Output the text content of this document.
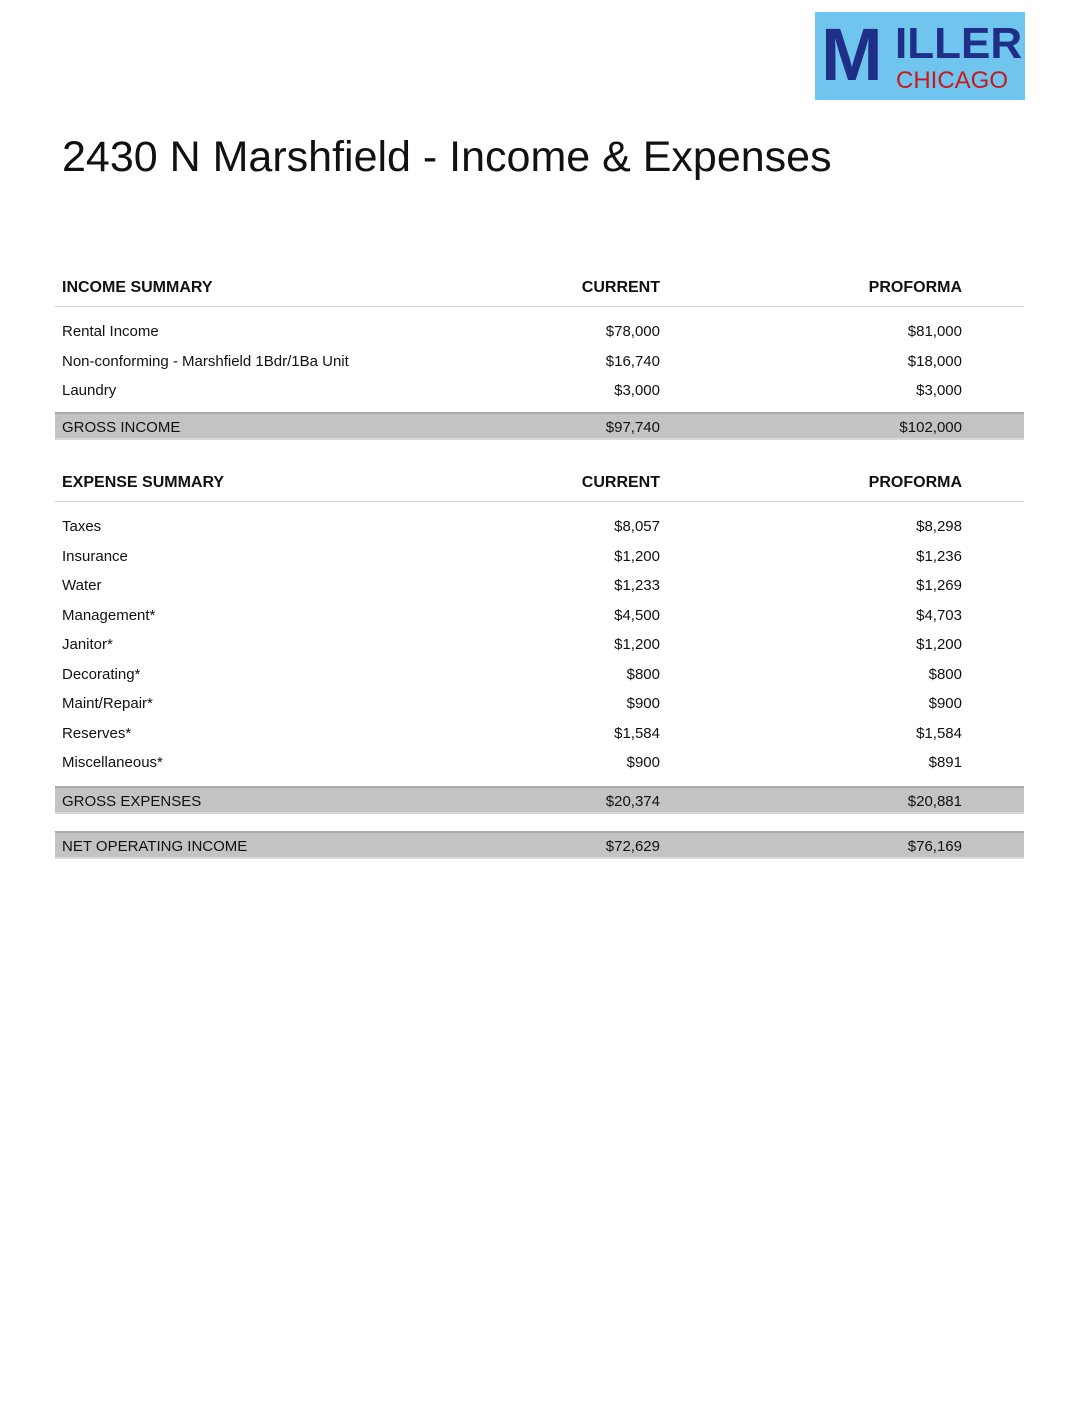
M ILLER
CHICAGO
2430 N Marshfield - Income & Expenses
INCOME SUMMARY	CURRENT	PROFORMA
Rental Income	$78,000	$81,000
Non-conforming - Marshfield 1Bdr/1Ba Unit	$16,740	$18,000
Laundry	$3,000	$3,000
GROSS INCOME	$97,740	$102,000
EXPENSE SUMMARY	CURRENT	PROFORMA
Taxes	$8,057	$8,298
Insurance	$1,200	$1,236
Water	$1,233	$1,269
Management*	$4,500	$4,703
Janitor*	$1,200	$1,200
Decorating*	$800	$800
Maint/Repair*	$900	$900
Reserves*	$1,584	$1,584
Miscellaneous*	$900	$891
GROSS EXPENSES	$20,374	$20,881
NET OPERATING INCOME	$72,629	$76,169
